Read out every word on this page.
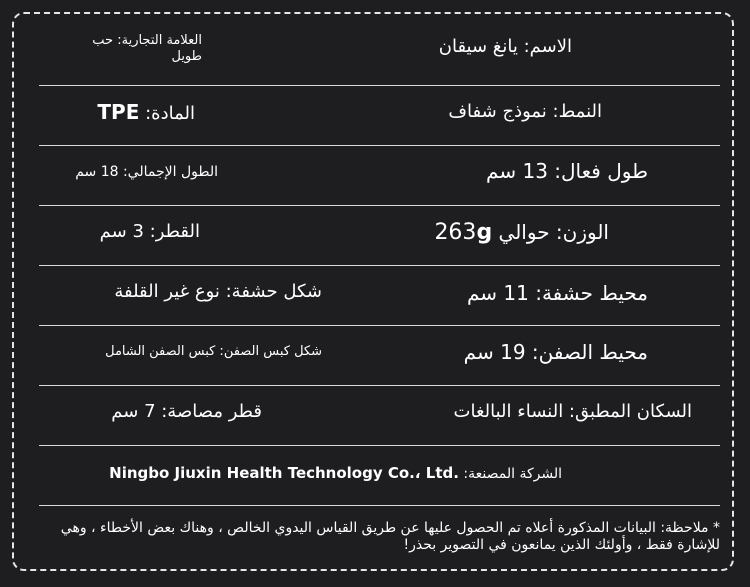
الاسم: يانغ سيقان
العلامة التجارية: حب طويل
النمط: نموذج شفاف
المادة: TPE
طول فعال: 13 سم
الطول الإجمالي: 18 سم
الوزن: حوالي 263g
القطر: 3 سم
محيط حشفة: 11 سم
شكل حشفة: نوع غير القلفة
محيط الصفن: 19 سم
شكل كبس الصفن: كبس الصفن الشامل
السكان المطبق: النساء البالغات
قطر مصاصة: 7 سم
الشركة المصنعة: Ningbo Jiuxin Health Technology Co.، Ltd.
* ملاحظة: البيانات المذكورة أعلاه تم الحصول عليها عن طريق القياس اليدوي الخالص ، وهناك بعض الأخطاء ، وهي للإشارة فقط ، وأولئك الذين يمانعون في التصوير بحذر!
